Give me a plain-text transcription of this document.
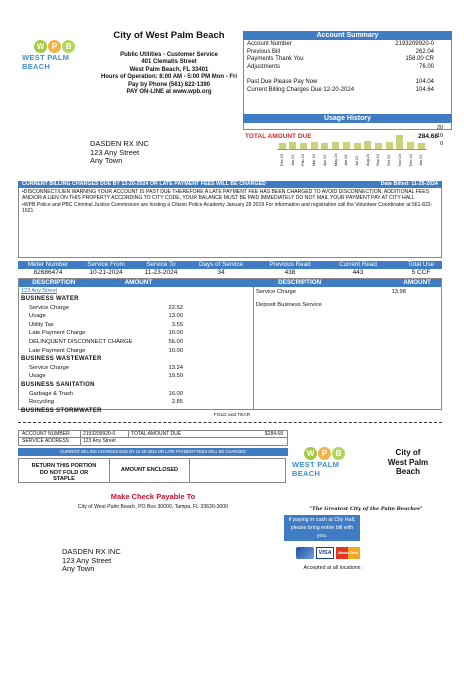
W P	B
WEST PALM BEACH
City of West Palm Beach
Public Utilities - Customer Service
401 Clematis Street
West Palm Beach, FL 33401
Hours of Operation: 8:00 AM - 5:00 PM Mon - Fri
Pay by Phone (561) 822-1390
PAY ON-LINE at www.wpb.org
Account Summary
Account Number	2193209920-0
Previous Bill	262.04
Payments Thank You	158.00 CR
Adjustments	76.00
Past Due Please Pay Now	104.04
Current Billing Charges Due 12-20-2024	104.64
TOTAL AMOUNT DUE	284.68
Usage History
20
10
0
Dec 23 Jan 24 Feb 24 Mar 24 Apr 24 May 24 Jun 24 Jul 24 Aug 24 Sep 24 Oct 24 Nov 24 Dec 24 Jan 24
DASDEN RX INC
123 Any Street
Any Town
CURRENT BILLING CHARGES DUE BY 12-20-2024 OR LATE PAYMENT FEES WILL BE CHARGED	Date Billed: 11-29-2024
•DISCONNECT/LIEN WARNING YOUR ACCOUNT IS PAST DUE THEREFORE A LATE PAYMENT FEE HAS BEEN CHARGED TO AVOID DISCONNECTION, ADDITIONAL FEES AND/OR A LIEN ON THIS PROPERTY ACCORDING TO CITY CODE, YOUR BALANCE MUST BE PAID IMMEDIATELY DO NOT MAIL YOUR PAYMENT PAY AT CITY HALL
•WPB Police and PBC Criminal Justice Commission are hosting a Citizen Police Academy January 28 2019 For information and registration call the Volunteer Coordinator at 561-822-1621
Meter Number	Service From	Service To	Days of Service	Previous Read	Current Read	Total Use
82686474	10-21-2024	11-23-2024	34	438	443	5 CCF
DESCRIPTION	AMOUNT	DESCRIPTION	AMOUNT
123 Any Street
BUSINESS WATER
Service Charge	22.52
Usage	13.00
Utility Tax	3.55
Late Payment Charge	10.00
DELINQUENT DISCONNECT CHARGE	56.00
Late Payment Charge	10.00
BUSINESS WASTEWATER
Service Charge	13.24
Usage	19.50
BUSINESS SANITATION
Garbage & Trash	16.00
Recycling	2.85
BUSINESS STORMWATER
Service Charge	13.98
Deposit Business Service
FOLD and TEAR
ACCOUNT NUMBER	2193209920-0	TOTAL AMOUNT DUE	$284.68
SERVICE ADDRESS	123 Any Street
CURRENT BILLING CHARGES DUE BY 12-20-2024 OR LATE PAYMENT FEES WILL BE CHARGED
RETURN THIS PORTION DO NOT FOLD OR STAPLE
AMOUNT ENCLOSED
W P	B
WEST PALM BEACH
City of
West Palm
Beach
Make Check Payable To
City of West Palm Beach, PO Box 30000, Tampa, FL 33630-3000	"The Greatest City of the Palm Beaches"
If paying in cash at City Hall, please bring entire bill with you.
DASDEN RX INC
123 Any Street
Any Town
VISA	MasterCard
Accepted at all locations
